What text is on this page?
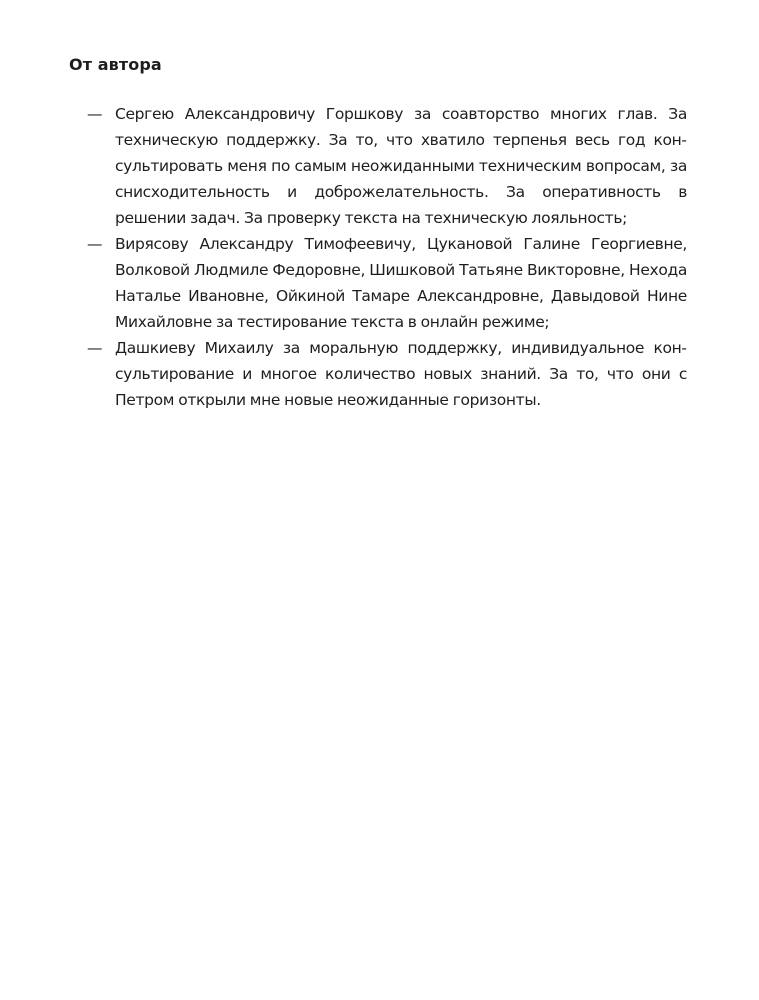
От автора
— Сергею Александровичу Горшкову за соавторство многих глав. За техническую поддержку. За то, что хватило терпенья весь год консультировать меня по самым неожиданными техническим вопросам, за снисходительность и доброжелательность. За оперативность в решении задач. За проверку текста на техническую лояльность;
— Вирясову Александру Тимофеевичу, Цукановой Галине Георгиевне, Волковой Людмиле Федоровне, Шишковой Татьяне Викторовне, Нехода Наталье Ивановне, Ойкиной Тамаре Александровне, Давыдовой Нине Михайловне за тестирование текста в онлайн режиме;
— Дашкиеву Михаилу за моральную поддержку, индивидуальное консультирование и многое количество новых знаний. За то, что они с Петром открыли мне новые неожиданные горизонты.
